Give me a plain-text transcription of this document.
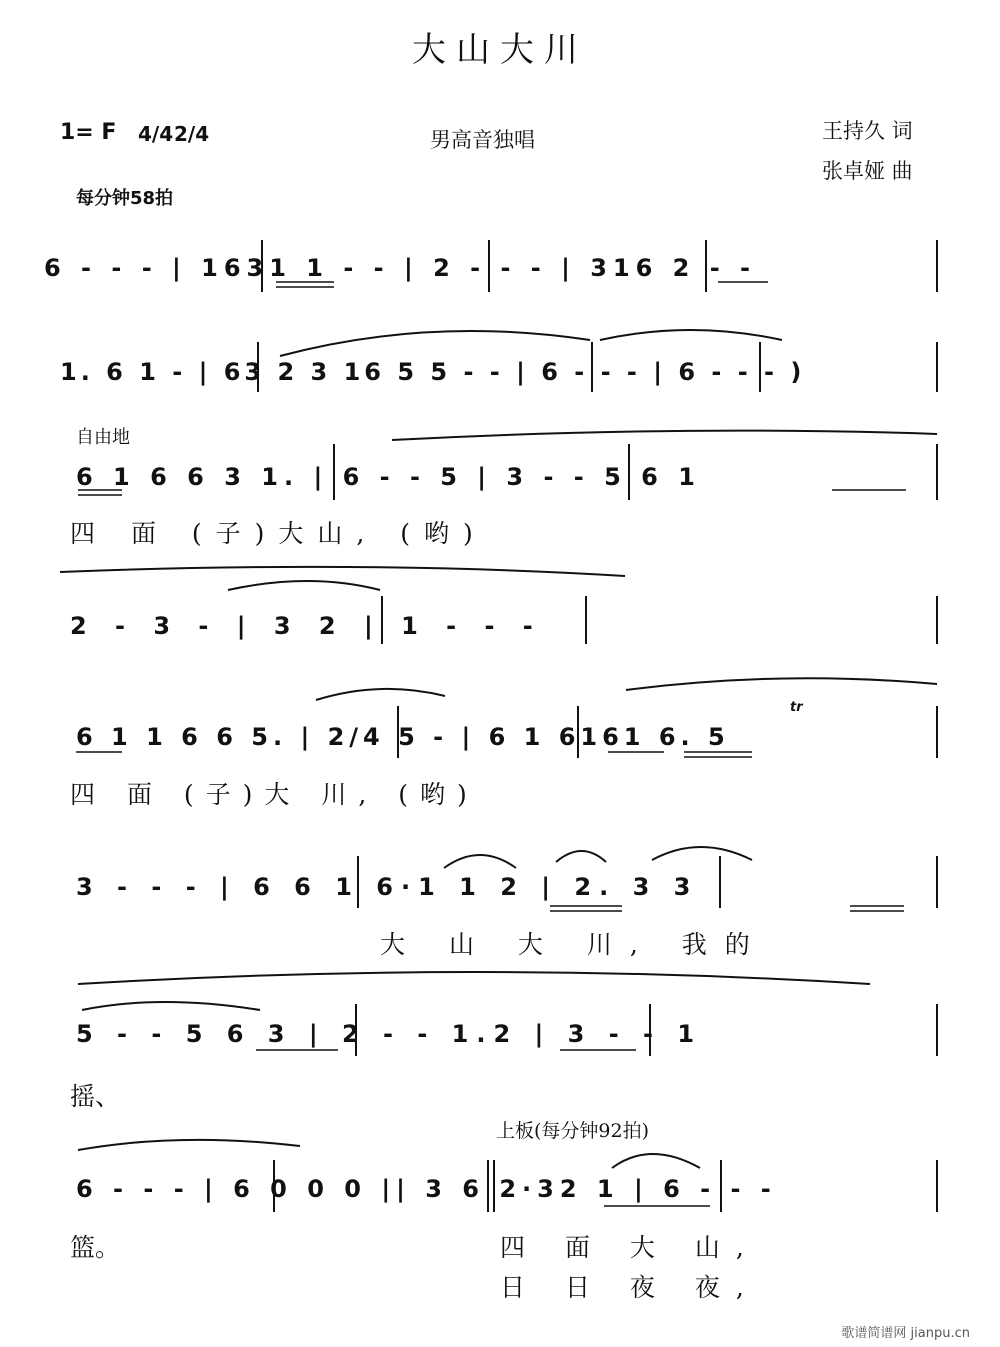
大山大川
1= F 4/4 2/4
每分钟58拍
男高音独唱	王持久 词
张卓娅 曲
6 - - - | 1631 1 - - | 2 - - - | 316 2 - -
1. 6 1 - | 63 2 3 16 5 5 - - | 6 - - - | 6 - - - )
自由地
6 1 6 6 3 1. | 6 - - 5 | 3 - - 5 6 1
四 面 (子)大山, (哟)
2 - 3 - | 3 2 | 1 - - -
6 1 1 6 6 5. | 2/4 5 - | 6 1 6161 6. 5
tr
四 面 (子)大 川, (哟)
3 - - - | 6 6 1 6·1 1 2 | 2. 3 3
大 山 大 川, 我的
5 - - 5 6 3 | 2 - - 1.2 | 3 - - 1
摇、
上板(每分钟92拍)
6 - - - | 6 0 0 0 || 3 6 2·32 1 | 6 - - -
篮。	四 面 大 山,
日 日 夜 夜,
歌谱简谱网 jianpu.cn
